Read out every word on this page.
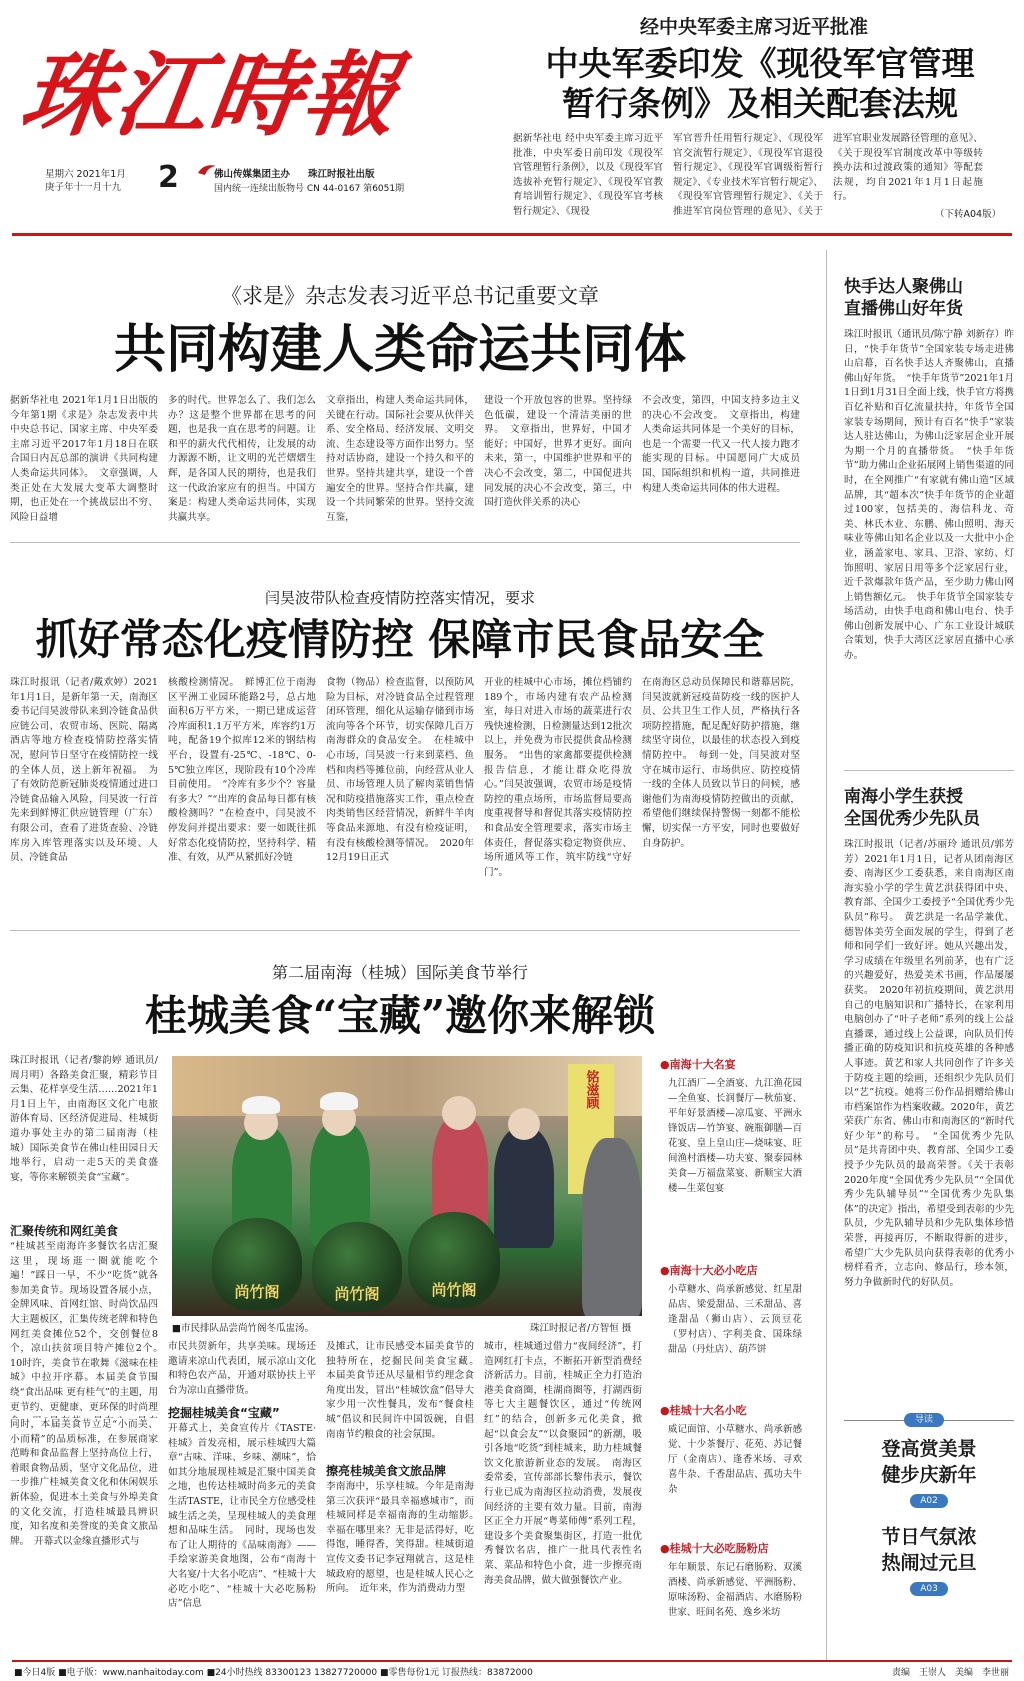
珠江時報
星期六 2021年1月
庚子年十一月十九 2	佛山传媒集团主办 珠江时报社出版
国内统一连续出版物号 CN 44-0167 第6051期
经中央军委主席习近平批准
中央军委印发《现役军官管理
暂行条例》及相关配套法规
据新华社电 经中央军委主席习近平批准，中央军委日前印发《现役军官管理暂行条例》，以及《现役军官选拔补充暂行规定》、《现役军官教育培训暂行规定》、《现役军官考核暂行规定》、《现役
军官晋升任用暂行规定》、《现役军官交流暂行规定》、《现役军官退役暂行规定》、《现役军官调级衔暂行规定》、《专业技术军官暂行规定》、《现役军官管理暂行规定》、《关于推进军官岗位管理的意见》、《关于
进军官职业发展路径管理的意见》、《关于现役军官制度改革中等级转换办法和过渡政策的通知》等配套法规，均自2021年1月1日起施行。
（下转A04版）
《求是》杂志发表习近平总书记重要文章
共同构建人类命运共同体
据新华社电 2021年1月1日出版的今年第1期《求是》杂志发表中共中央总书记、国家主席、中央军委主席习近平2017年1月18日在联合国日内瓦总部的演讲《共同构建人类命运共同体》。　文章强调，人类正处在大发展大变革大调整时期，也正处在一个挑战层出不穷、风险日益增
多的时代。世界怎么了、我们怎么办？这是整个世界都在思考的问题，也是我一直在思考的问题。让和平的薪火代代相传，让发展的动力源源不断，让文明的光芒熠熠生辉，是各国人民的期待，也是我们这一代政治家应有的担当。中国方案是：构建人类命运共同体，实现共赢共享。
文章指出，构建人类命运共同体，关键在行动。国际社会要从伙伴关系、安全格局、经济发展、文明交流、生态建设等方面作出努力。坚持对话协商，建设一个持久和平的世界。坚持共建共享，建设一个普遍安全的世界。坚持合作共赢，建设一个共同繁荣的世界。坚持交流互鉴，
建设一个开放包容的世界。坚持绿色低碳，建设一个清洁美丽的世界。　文章指出，世界好，中国才能好；中国好，世界才更好。面向未来，第一，中国维护世界和平的决心不会改变，第二，中国促进共同发展的决心不会改变，第三，中国打造伙伴关系的决心
不会改变，第四，中国支持多边主义的决心不会改变。　文章指出，构建人类命运共同体是一个美好的目标，也是一个需要一代又一代人接力跑才能实现的目标。中国愿同广大成员国、国际组织和机构一道，共同推进构建人类命运共同体的伟大进程。
闫昊波带队检查疫情防控落实情况，要求
抓好常态化疫情防控 保障市民食品安全
珠江时报讯（记者/戴欢婷）2021年1月1日，是新年第一天，南海区委书记闫昊波带队来到冷链食品供应链公司、农贸市场、医院、隔离酒店等地方检查疫情防控落实情况，慰问节日坚守在疫情防控一线的全体人员，送上新年祝福。　为了有效防范新冠肺炎疫情通过进口冷链食品输入风险，闫昊波一行首先来到鲜博汇供应链管理（广东）有限公司，查看了进货查验、冷链库房入库管理落实以及环境、人员、冷链食品
核酸检测情况。　鲜博汇位于南海区平洲工业园环能路2号，总占地面积6万平方米，一期已建成运营冷库面积1.1万平方米，库容约1万吨，配备19个拟库12米的钢结构平台，设置有-25℃、-18℃、0-5℃独立库区，现阶段有10个冷库目前使用。　“冷库有多少个？容量有多大？”“出库的食品每日都有核酸检测吗？”在检查中，闫昊波不停发问并提出要求：要一如既往抓好常态化疫情防控，坚持科学、精准、有效，从严从紧抓好冷链
食物（物品）检查监督，以预防风险为目标，对冷链食品全过程管理闭环管理，细化从运输存储到市场流向等各个环节，切实保障几百万南海群众的食品安全。　在桂城中心市场，闫昊波一行来到菜档、鱼档和肉档等摊位前，向经营从业人员、市场管理人员了解肉菜销售情况和防疫措施落实工作，重点检查肉类销售区经营情况，新鲜牛羊肉等食品来源地、有没有检疫证明，有没有核酸检测等情况。　2020年12月19日正式
开业的桂城中心市场，摊位档铺约189个，市场内建有农产品检测室，每日对进入市场的蔬菜进行农残快速检测，日检测量达到12批次以上，并免费为市民提供食品检测服务。　“出售的家禽都要提供检测报告信息，才能让群众吃得放心。”闫昊波强调，农贸市场是疫情防控的重点场所，市场监督局要高度重视督导和督促其落实疫情防控和食品安全管理要求，落实市场主体责任，督促落实稳定物资供应、场所通风等工作，筑牢防线“守好门”。
在南海区总动员保障民和谐幕居院，闫昊波就新冠疫苗防疫一线的医护人员、公共卫生工作人员，严格执行各项防控措施，配足配好防护措施，继续坚守岗位，以最佳的状态投入到疫情防控中。　每到一处，闫昊波对坚守在城市运行、市场供应、防控疫情一线的全体人员致以节日的问候，感谢他们为南海疫情防控做出的贡献，希望他们继续保持警惕一刻都不能松懈，切实保一方平安，同时也要做好自身防护。
第二届南海（桂城）国际美食节举行
桂城美食“宝藏”邀你来解锁
珠江时报讯（记者/黎韵婷 通讯员/周月明）各路美食汇聚，精彩节目云集、花样享受生活……2021年1月1日上午，由南海区文化广电旅游体育局、区经济促进局、桂城街道办事处主办的第二届南海（桂城）国际美食节在佛山桂田园日天地举行，启动一走5天的美食盛宴，等你来解锁美食“宝藏”。
汇聚传统和网红美食
“桂城甚至南海许多餐饮名店汇聚这里，现场逛一圈就能吃个遍！”踩日一早，不少“吃货”就各参加美食节。现场设置各展小点，金牌风味、首网红馆、时尚饮品四大主题板区，汇集传统老牌和特色网红美食摊位52个，交创餐位8个，凉山扶贫项目特产摊位2个。　10时许，美食节在歌舞《滋味在桂城》中拉开序幕。本届美食节围绕“食出品味 更有桂气”的主题，用更节约、更健康、更环保的时尚理
同时，本届美食节立足“小而美、小而精”的品质标准，在参展商家范畴和食品监督上坚持高位上行，着眼食物品质，坚守文化品位，进一步推广桂城美食文化和休闲娱乐新体验，促进本土美食与外埠美食的文化交流，打造桂城最具辨识度，知名度和美誉度的美食文旅品牌。　开幕式以金缘直播形式与
铭滋顾
尚竹阁	尚竹阁	尚竹阁
■市民排队品尝尚竹阁冬瓜盅汤。	珠江时报记者/方智恒 摄
市民共贺新年，共享美味。现场还邀请来凉山代表团，展示凉山文化和特色农产品，开通对联协扶上平台为凉山直播带货。
挖掘桂城美食“宝藏”
开幕式上，美食宣传片《TASTE·桂城》首发亮相，展示桂城四大篇章“古味、洋味、乡味、潮味”，恰如其分地展现桂城是汇聚中国美食之地，也传达桂城时尚多元的美食生活TASTE，让市民全方位感受桂城生活之美，呈现桂城人的美食理想和品味生活。　同时，现场也发布了让人期待的《品味南海》——手绘家游美食地图，公布“南海十大名宴/十大名小吃店”、“桂城十大必吃小吃”、“桂城十大必吃肠粉店”信息
及摊式，让市民感受本届美食节的独特所在，挖掘民间美食宝藏。　本届美食节还从尽量相节约理念食角度出发，冒出“桂城饮盒”倡导大家少用一次性餐具，发布“餐食桂城”倡议和民间许中国饭碗，自倡南南节约粮食的社会氛围。
擦亮桂城美食文旅品牌
李南海中，乐享桂城。今年是南海第三次获评“最具幸福感城市”，而桂城同样是幸福南海的生动缩影。　幸福在哪里来？无非是活得好，吃得饱，睡得香，笑得甜。桂城街道宣传文委书记李冠翔就言，这是桂城政府的愿望，也是桂城人民心之所向。　近年来，作为消费动力型
城市，桂城通过借力“夜间经济”，打造网红打卡点，不断拓开新型消费经济新活力。目前，桂城正全力打造治港美食商圈，桂湖商圈等，打湖西街等七大主题餐饮区，通过“传统网红”的结合，创新多元化美食，掀起“以食会友”“以食聚园”的新潮，吸引各地“吃货”到桂城来，助力桂城餐饮文化旅游新业态的发展。　南海区委常委，宣传部部长黎伟表示，餐饮行业已成为南海区拉动消费，发展夜间经济的主要有效力量。目前，南海区正全力开展“粤菜师傅”系列工程，建设多个美食聚集街区，打造一批优秀餐饮名店，推广一批具代表性名菜、菜品和特色小食，进一步擦亮南海美食品牌，做大做强餐饮产业。
●南海十大名宴
九江酒厂—全酒宴、九江渔花园—全鱼宴、长润餐厅—秋茄宴、平年好景酒楼—凉瓜宴、平洲永锋饭店—竹笋宴、碗瓶御膳—百花宴、皇上皇山庄—烧味宴、旺间渔村酒楼—功夫宴、聚泰园林美食—万福盘菜宴、新顺宝大酒楼—生菜包宴
●南海十大必小吃店
小草糖水、尚承新感觉、红星甜品店、梁爱甜品、三禾甜品、喜逢甜品（狮山店）、云顶豆花（罗村店）、字利美食、国珠绿甜品（丹灶店）、葫芦饼
●桂城十大名小吃
威记面馆、小草糖水、尚承新感觉、十少茶餐厅、花苑、苏记餐厅（金南店）、逢香米场、寻欢喜牛杂、千香甜品店、孤功夫牛杂
●桂城十大必吃肠粉店
年年顺景、东记石磨肠粉、双溪酒楼、尚承新感觉、平洲肠粉、原味汤粉、金福酒店、水磨肠粉世家、旺间名苑、逸乡米坊
快手达人聚佛山
直播佛山好年货
珠江时报讯（通讯员/陈宁静 刘新存）昨日，“快手年货节”全国家装专场走进佛山启幕，百名快手达人齐聚佛山，直播佛山好年货。　“快手年货节”2021年1月1日到1月31日全面上线，快手官方将携百亿补贴和百亿流量扶持，年货节全国家装专场期间，预计有百名“快手”家装达人驻达佛山，为佛山泛家居企业开展为期一个月的直播带货。　“快手年货节”助力佛山企业拓展网上销售渠道的同时，在全网推广“有家就有佛山造”区域品牌，其“超本次”快手年货节的企业超过100家，包括美的、海信科龙、奇美、林氏木业、东鹏、佛山照明、海天味业等佛山知名企业以及一大批中小企业，涵盖家电、家具、卫浴、家纺、灯饰照明、家居日用等多个泛家居行业，近千款爆款年货产品，至少助力佛山网上销售额亿元。　快手年货节全国家装专场活动，由快手电商和佛山电台、快手佛山创新发展中心、广东工业设计城联合策划，快手大湾区泛家居直播中心承办。
南海小学生获授
全国优秀少先队员
珠江时报讯（记者/苏丽玲 通讯员/郭芳芳）2021年1月1日，记者从团南海区委、南海区少工委获悉，来自南海区南海实验小学的学生黄艺洪获得团中央、教育部、全国少工委授予“全国优秀少先队员”称号。　黄艺洪是一名品学兼优、德智体美劳全面发展的学生，得到了老师和同学们一致好评。她从兴趣出发，学习成绩在年级里名列前茅，也有广泛的兴趣爱好，热爱美术书画，作品屡屡获奖。　2020年初抗疫期间，黄艺洪用自己的电脑知识和广播特长，在家利用电脑创办了“叶子老师”系列的线上公益直播课，通过线上公益课，向队员们传播正确的防疫知识和抗疫英雄的各种感人事迹。黄艺和家人共同创作了许多关于防疫主题的绘画，还组织少先队员们以“艺”抗疫。她将三份作品捐赠给佛山市档案馆作为档案收藏。2020年，黄艺荣获广东省、佛山市和南海区的“新时代好少年”的称号。　“全国优秀少先队员”是共青团中央、教育部、全国少工委授予少先队员的最高荣誉。《关于表彰2020年度“全国优秀少先队员”“全国优秀少先队辅导员”“全国优秀少先队集体”的决定》指出，希望受到表彰的少先队员，少先队辅导员和少先队集体珍惜荣誉，再接再厉，不断取得新的进步，希望广大少先队员向获得表彰的优秀小榜样看齐，立志向、修品行，珍本领，努力争做新时代的好队员。
导读
登高赏美景
健步庆新年
A02
节日气氛浓
热闹过元旦
A03
■今日4版 ■电子版：www.nanhaitoday.com ■24小时热线 83300123 13827720000 ■零售每份1元 订报热线：83872000	责编　王崇人　美编　李世丽
